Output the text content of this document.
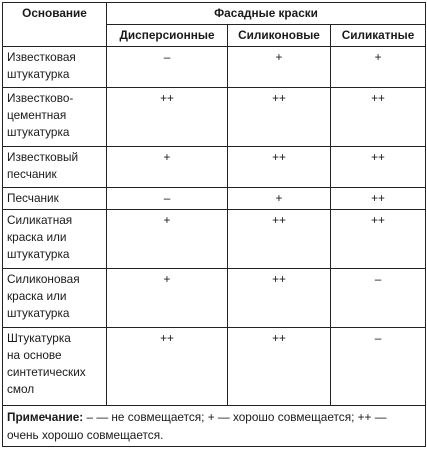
Основание	Фасадные краски		
	Дисперсионные	Силиконовые	Силикатные

Известковая
штукатурка	–	+	+

Известково-
цементная
штукатурка	++	++	++

Известковый
песчаник	+	++	++

Песчаник	–	+	++

Силикатная
краска или
штукатурка	+	++	++

Силиконовая
краска или
штукатурка	+	++	–

Штукатурка
на основе
синтетических
смол	++	++	–
Примечание: – — не совмещается; + — хорошо совмещается; ++ — очень хорошо совмещается.			
